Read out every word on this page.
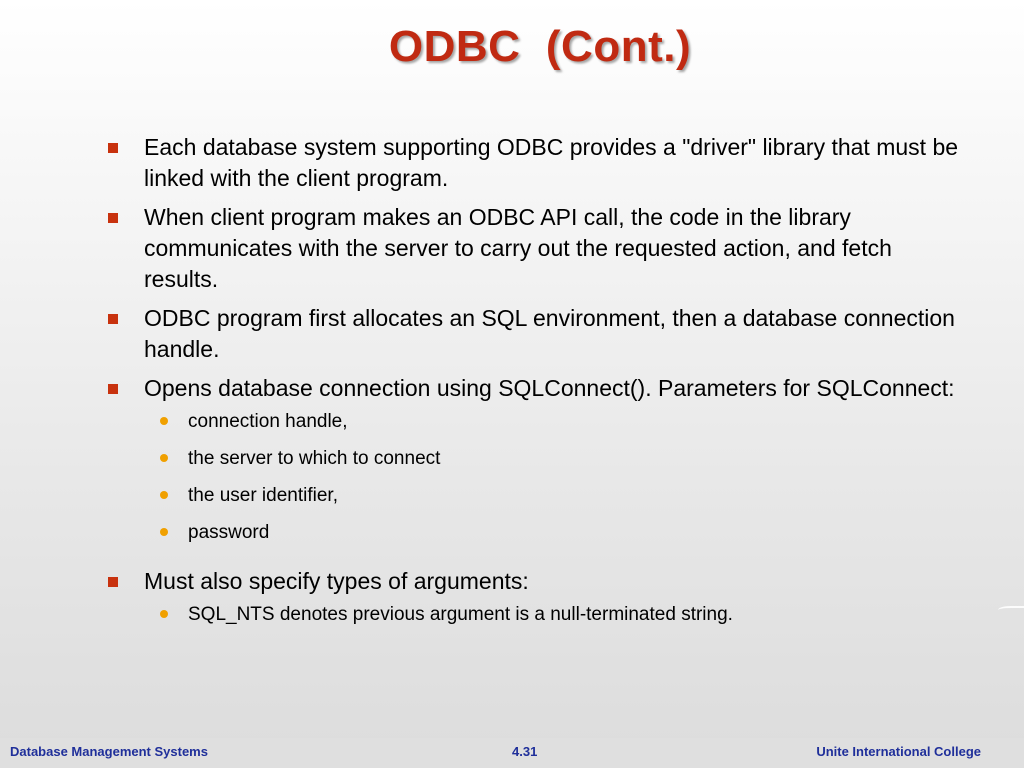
ODBC  (Cont.)
Each database system supporting ODBC provides a "driver" library that must be linked with the client program.
When client program makes an ODBC API call, the code in the library communicates with the server to carry out the requested action, and fetch results.
ODBC program first allocates an SQL environment, then a database connection handle.
Opens database connection using SQLConnect(). Parameters for SQLConnect:
connection handle,
the server to which to connect
the user identifier,
password
Must also specify types of arguments:
SQL_NTS denotes previous argument is a null-terminated string.
Database Management Systems	4.31	Unite International College
